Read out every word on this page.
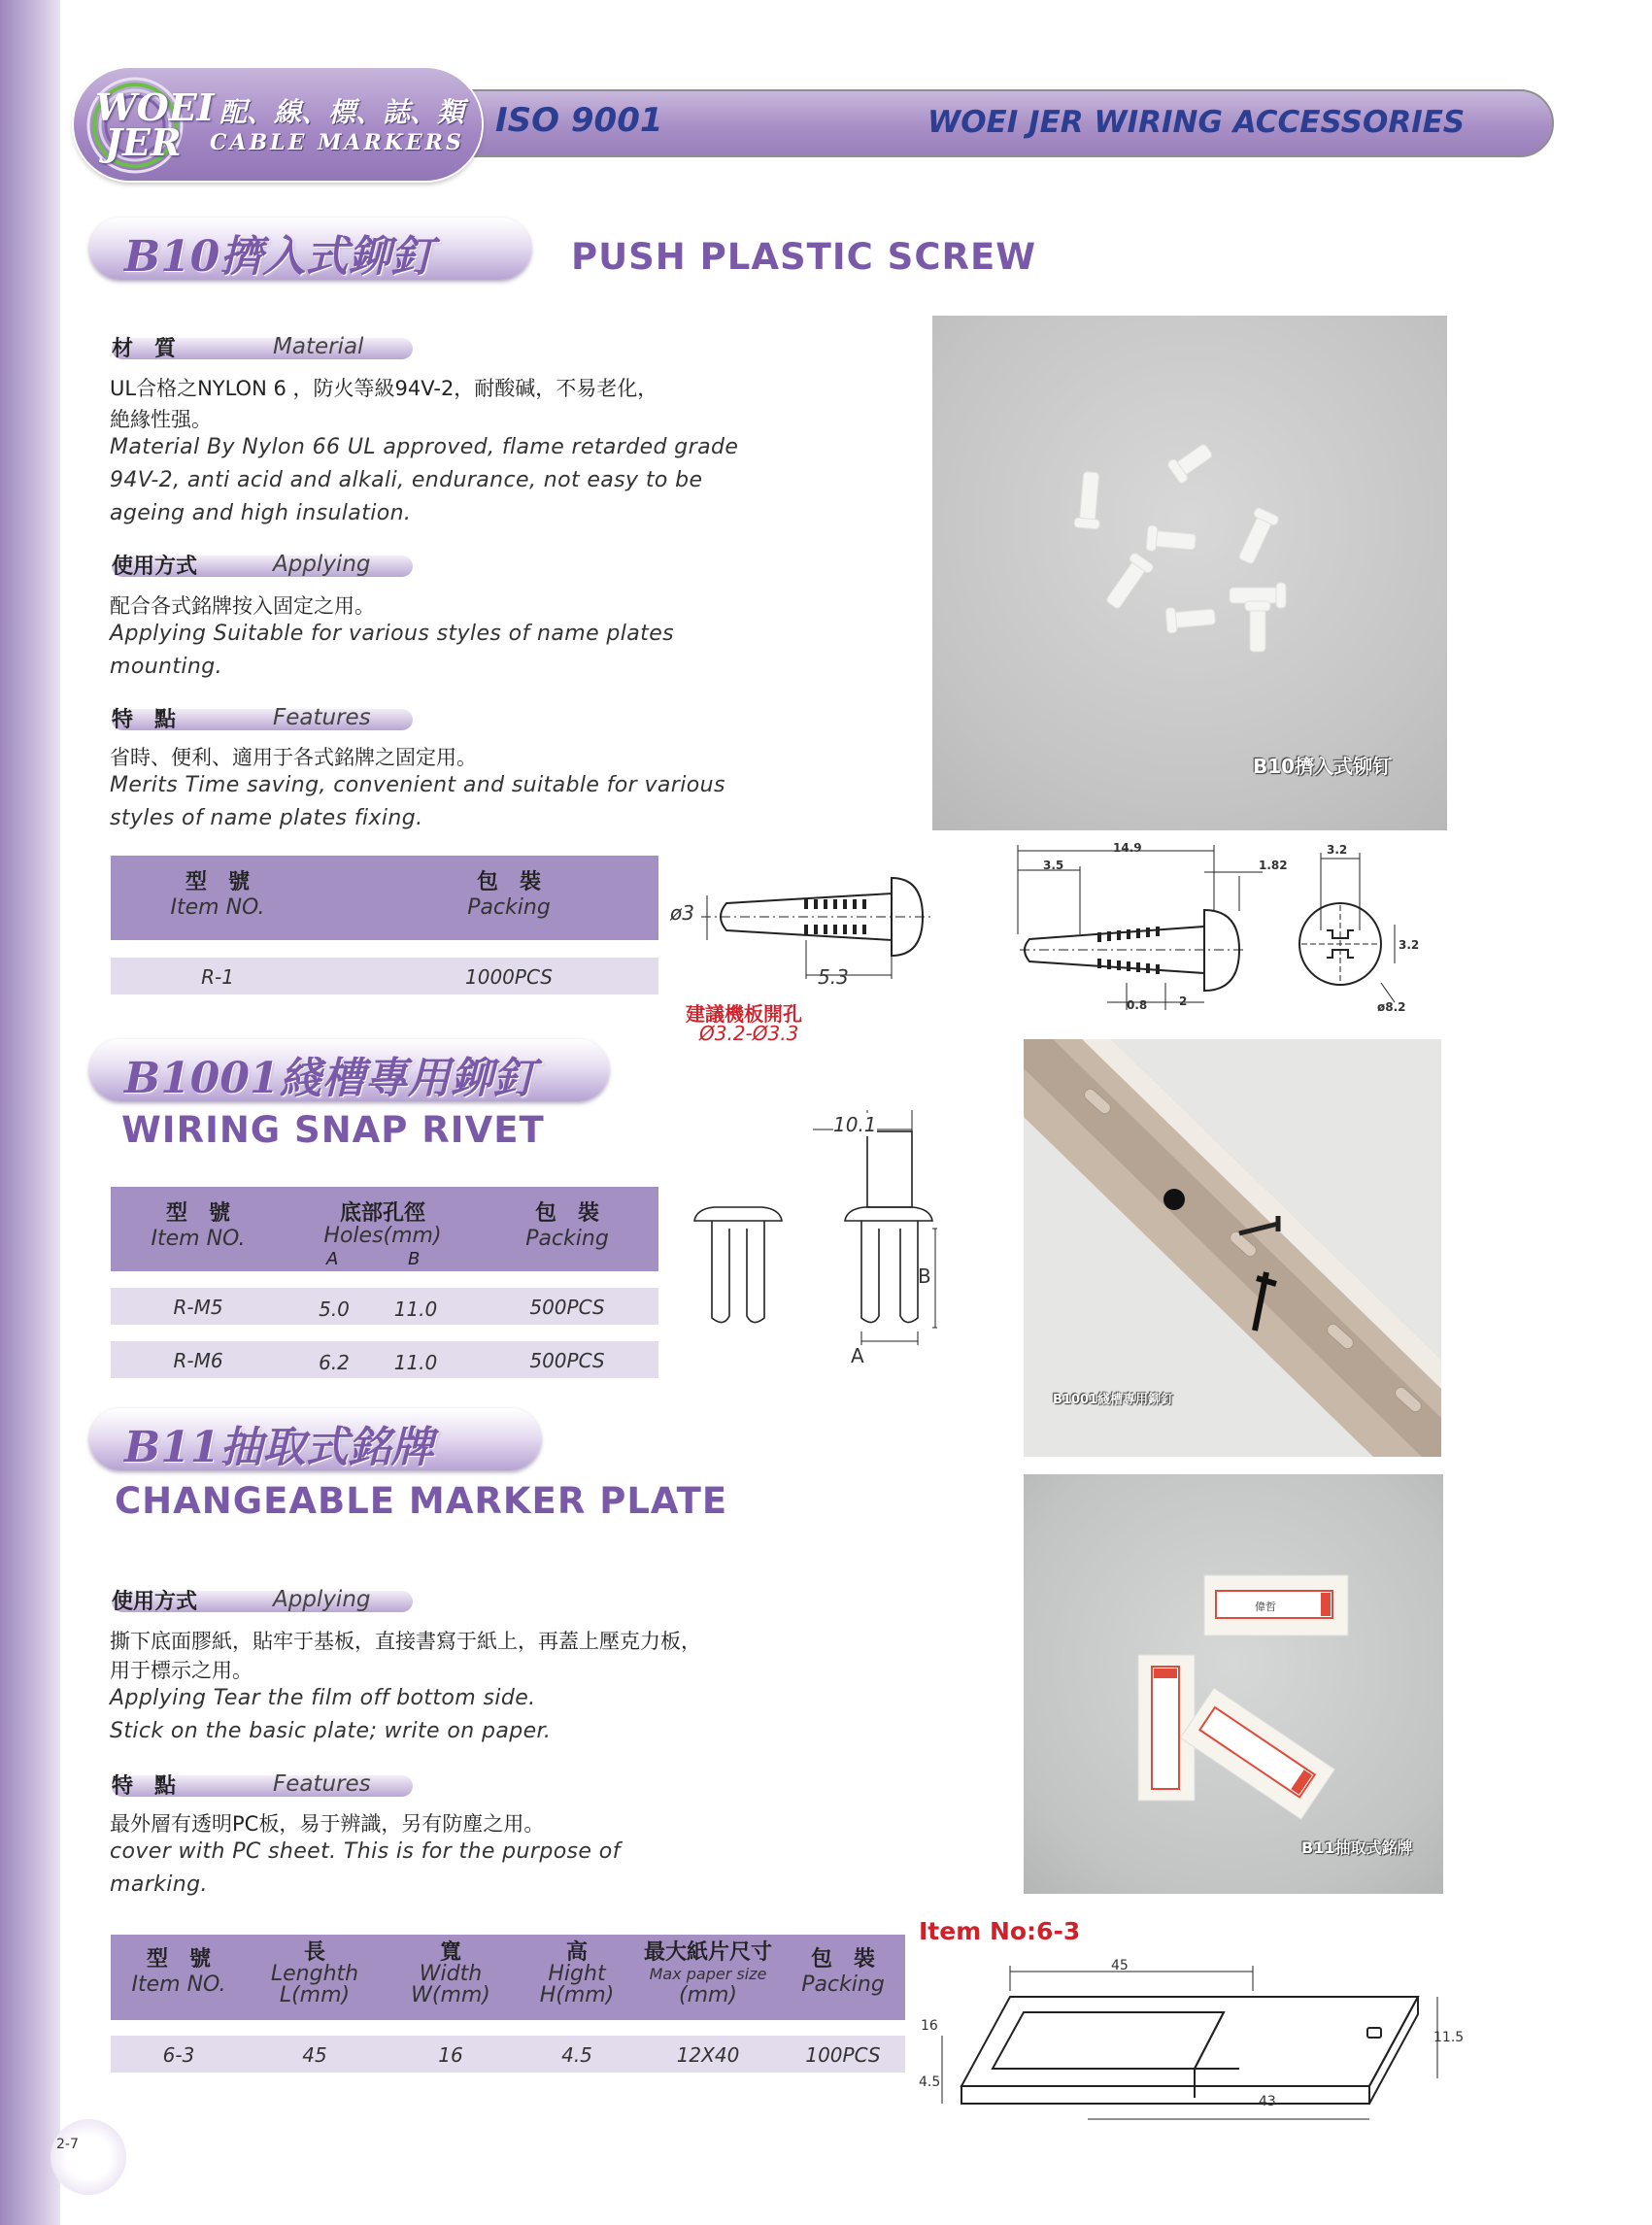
ISO 9001	WOEI JER WIRING ACCESSORIES
WOEI
JER
配、線、標、誌、類
CABLE MARKERS
B10擠入式鉚釘	PUSH PLASTIC SCREW
材　質	Material
UL合格之NYLON 6 ，防火等級94V-2，耐酸碱，不易老化，
絶緣性强。
Material By Nylon 66 UL approved, flame retarded grade
94V-2, anti acid and alkali, endurance, not easy to be
ageing and high insulation.
使用方式	Applying
配合各式銘牌按入固定之用。
Applying Suitable for various styles of name plates
mounting.
特　點	Features
省時、便利、適用于各式銘牌之固定用。
Merits Time saving, convenient and suitable for various
styles of name plates fixing.
B10擠入式铆钉
型　號
Item NO.
包　裝
Packing
R-1	1000PCS
ø3
5.3
建議機板開孔
Ø3.2-Ø3.3
14.9
3.5	1.82
3.2
3.2
0.8	2	ø8.2
B1001綫槽專用鉚釘
WIRING SNAP RIVET
型　號
Item NO.
底部孔徑
Holes(mm)
A	B
包　裝
Packing
R-M5	5.0	11.0	500PCS
R-M6	6.2	11.0	500PCS
10.1
B
A
B1001綫槽專用鉚釘
B11抽取式銘牌
CHANGEABLE MARKER PLATE
使用方式	Applying
撕下底面膠紙，貼牢于基板，直接書寫于紙上，再蓋上壓克力板，
用于標示之用。
Applying Tear the film off bottom side.
Stick on the basic plate; write on paper.
特　點	Features
最外層有透明PC板，易于辨識，另有防塵之用。
cover with PC sheet. This is for the purpose of
marking.
偉哲
B11抽取式銘牌
型　號
Item NO.
長
Lenghth
L(mm)
寬
Width
W(mm)
高
Hight
H(mm)
最大紙片尺寸
Max paper size
(mm)
包　裝
Packing
6-3	45	16	4.5	12X40	100PCS
Item No:6-3
45
16
4.5
11.5
43
2-7
